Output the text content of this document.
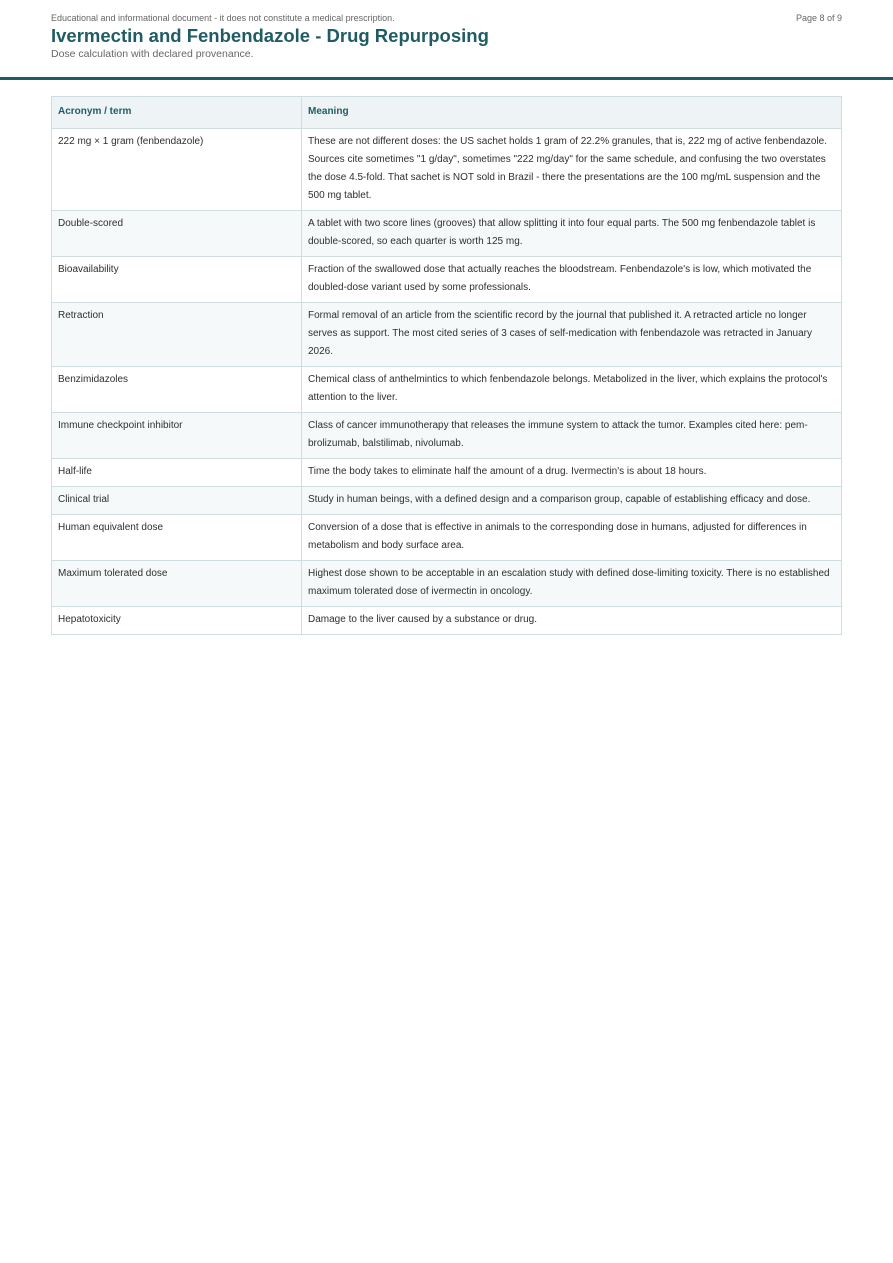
Educational and informational document - it does not constitute a medical prescription.	Page 8 of 9
Ivermectin and Fenbendazole - Drug Repurposing
Dose calculation with declared provenance.
Acronym / term	Meaning
222 mg × 1 gram (fenbendazole)	These are not different doses: the US sachet holds 1 gram of 22.2% granules, that is, 222 mg of active fenbendazole. Sources cite sometimes "1 g/day", sometimes "222 mg/day" for the same schedule, and confusing the two overstates the dose 4.5-fold. That sachet is NOT sold in Brazil - there the presentations are the 100 mg/mL suspension and the 500 mg tablet.
Double-scored	A tablet with two score lines (grooves) that allow splitting it into four equal parts. The 500 mg fenbendazole tablet is double-scored, so each quarter is worth 125 mg.
Bioavailability	Fraction of the swallowed dose that actually reaches the bloodstream. Fenbendazole's is low, which motivated the doubled-dose variant used by some professionals.
Retraction	Formal removal of an article from the scientific record by the journal that published it. A retracted article no longer serves as support. The most cited series of 3 cases of self-medication with fenbendazole was retracted in January 2026.
Benzimidazoles	Chemical class of anthelmintics to which fenbendazole belongs. Metabolized in the liver, which explains the protocol's attention to the liver.
Immune checkpoint inhibitor	Class of cancer immunotherapy that releases the immune system to attack the tumor. Examples cited here: pem-brolizumab, balstilimab, nivolumab.
Half-life	Time the body takes to eliminate half the amount of a drug. Ivermectin's is about 18 hours.
Clinical trial	Study in human beings, with a defined design and a comparison group, capable of establishing efficacy and dose.
Human equivalent dose	Conversion of a dose that is effective in animals to the corresponding dose in humans, adjusted for differences in metabolism and body surface area.
Maximum tolerated dose	Highest dose shown to be acceptable in an escalation study with defined dose-limiting toxicity. There is no established maximum tolerated dose of ivermectin in oncology.
Hepatotoxicity	Damage to the liver caused by a substance or drug.
